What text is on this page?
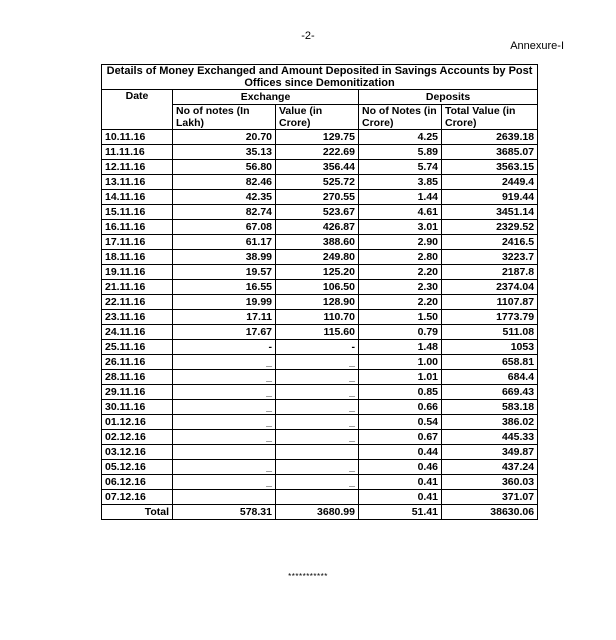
-2-
Annexure-I
Details of Money Exchanged and Amount Deposited in Savings Accounts by Post Offices since Demonitization				
Date	Exchange		Deposits	
	No of notes (In Lakh)	Value (in Crore)	No of Notes (in Crore)	Total Value (in Crore)
10.11.16	20.70	129.75	4.25	2639.18
11.11.16	35.13	222.69	5.89	3685.07
12.11.16	56.80	356.44	5.74	3563.15
13.11.16	82.46	525.72	3.85	2449.4
14.11.16	42.35	270.55	1.44	919.44
15.11.16	82.74	523.67	4.61	3451.14
16.11.16	67.08	426.87	3.01	2329.52
17.11.16	61.17	388.60	2.90	2416.5
18.11.16	38.99	249.80	2.80	3223.7
19.11.16	19.57	125.20	2.20	2187.8
21.11.16	16.55	106.50	2.30	2374.04
22.11.16	19.99	128.90	2.20	1107.87
23.11.16	17.11	110.70	1.50	1773.79
24.11.16	17.67	115.60	0.79	511.08
25.11.16	-	-	1.48	1053
26.11.16	_	_	1.00	658.81
28.11.16	_	_	1.01	684.4
29.11.16	_	_	0.85	669.43
30.11.16	_	_	0.66	583.18
01.12.16	_	_	0.54	386.02
02.12.16	_	_	0.67	445.33
03.12.16			0.44	349.87
05.12.16	_	_	0.46	437.24
06.12.16	_	_	0.41	360.03
07.12.16			0.41	371.07
Total	578.31	3680.99	51.41	38630.06
***********
